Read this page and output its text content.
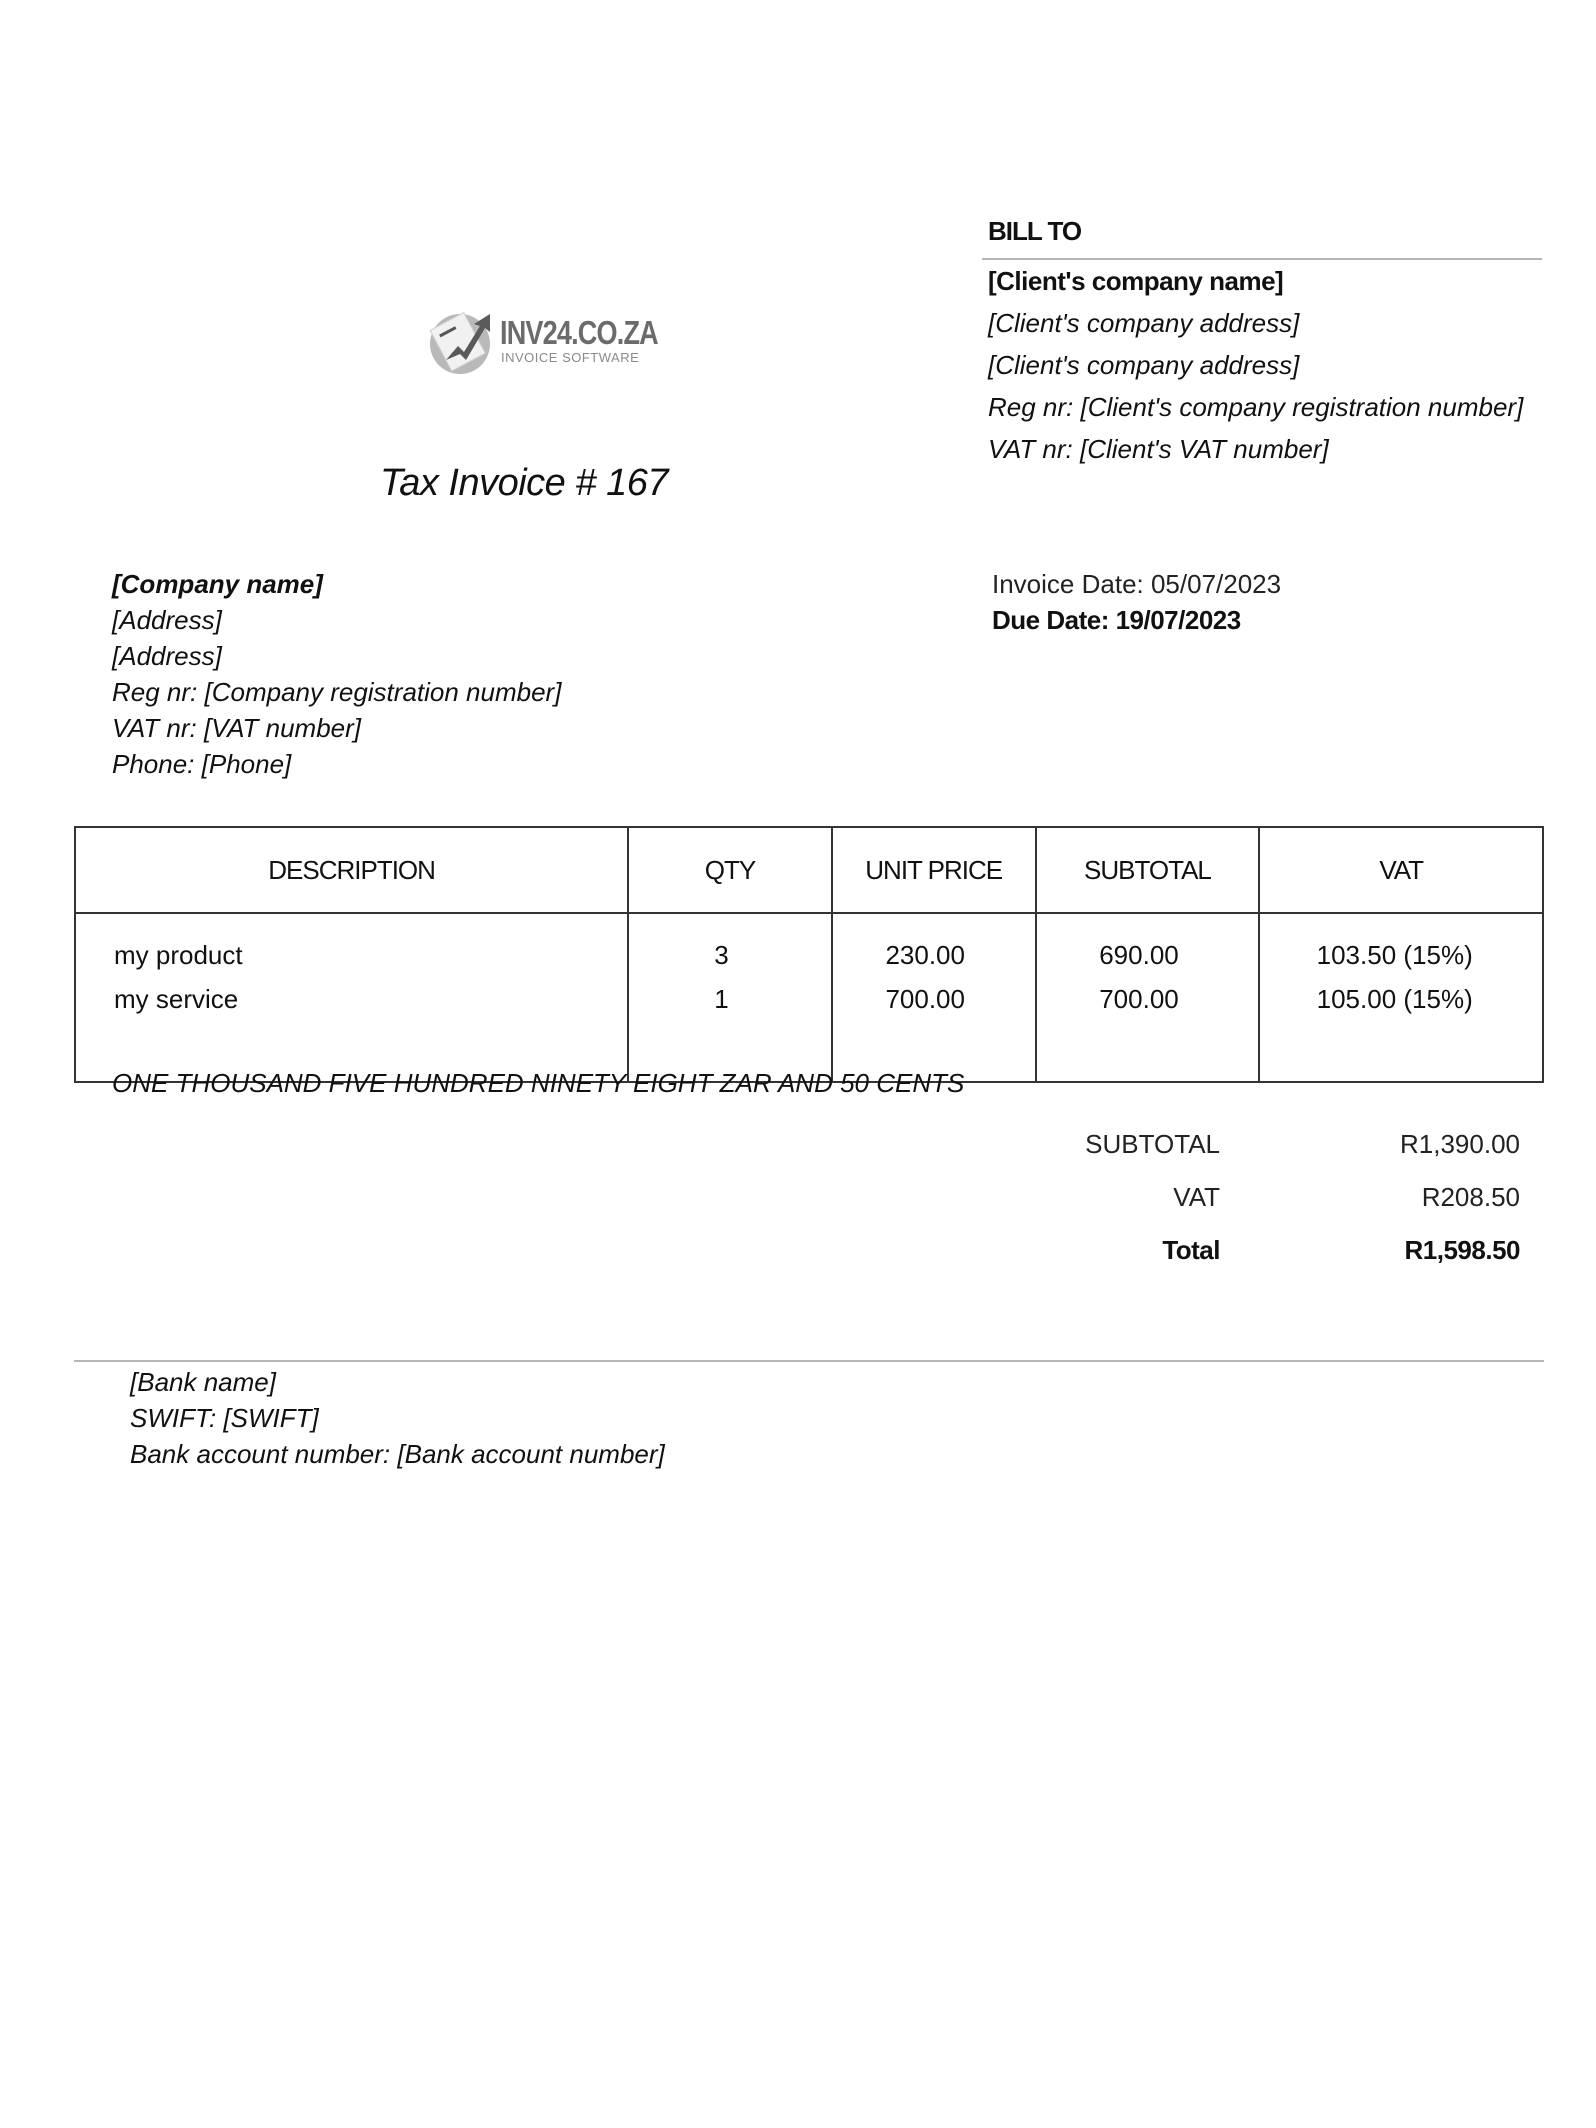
INV24.CO.ZA
INVOICE SOFTWARE
BILL TO
[Client's company name]
[Client's company address]
[Client's company address]
Reg nr: [Client's company registration number]
VAT nr: [Client's VAT number]
Tax Invoice # 167
[Company name]
[Address]
[Address]
Reg nr: [Company registration number]
VAT nr: [VAT number]
Phone: [Phone]
Invoice Date: 05/07/2023
Due Date: 19/07/2023
DESCRIPTION	QTY	UNIT PRICE	SUBTOTAL	VAT
my product	3	230.00	690.00	103.50 (15%)
my service	1	700.00	700.00	105.00 (15%)

ONE THOUSAND FIVE HUNDRED NINETY EIGHT ZAR AND 50 CENTS
SUBTOTAL	R1,390.00
VAT	R208.50
Total	R1,598.50
[Bank name]
SWIFT: [SWIFT]
Bank account number: [Bank account number]
